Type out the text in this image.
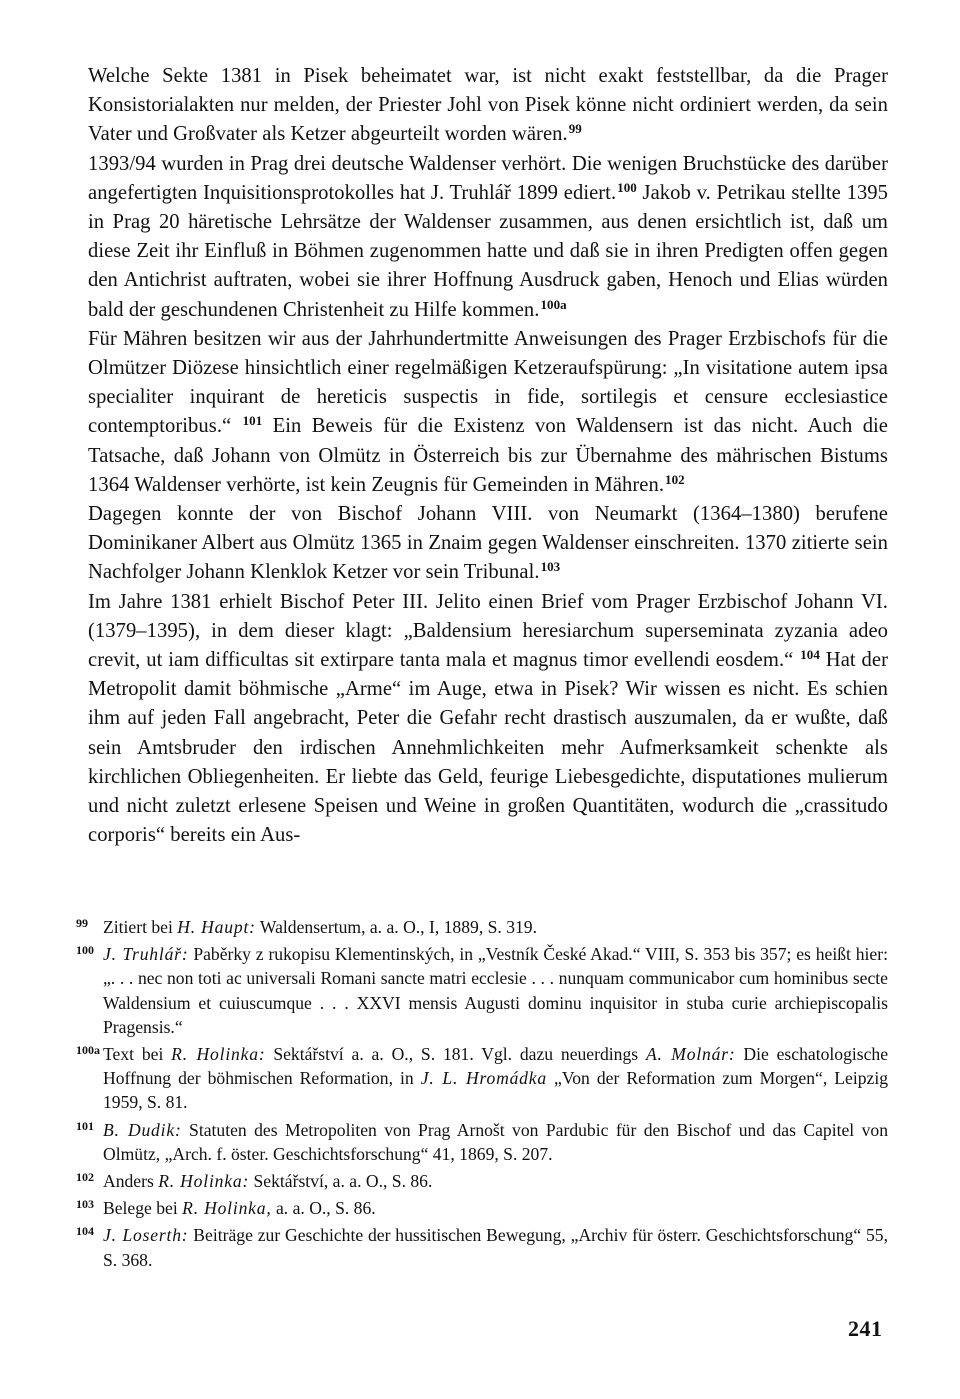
Welche Sekte 1381 in Pisek beheimatet war, ist nicht exakt feststellbar, da die Prager Konsistorialakten nur melden, der Priester Johl von Pisek könne nicht ordiniert werden, da sein Vater und Großvater als Ketzer abgeurteilt worden wären.$^{99}$

1393/94 wurden in Prag drei deutsche Waldenser verhört. Die wenigen Bruchstücke des darüber angefertigten Inquisitionsprotokolles hat J. Truhlář 1899 ediert.$^{100}$ Jakob v. Petrikau stellte 1395 in Prag 20 häretische Lehrsätze der Waldenser zusammen, aus denen ersichtlich ist, daß um diese Zeit ihr Einfluß in Böhmen zugenommen hatte und daß sie in ihren Predigten offen gegen den Antichrist auftraten, wobei sie ihrer Hoffnung Ausdruck gaben, Henoch und Elias würden bald der geschundenen Christenheit zu Hilfe kommen.$^{100a}$

Für Mähren besitzen wir aus der Jahrhundertmitte Anweisungen des Prager Erzbischofs für die Olmützer Diözese hinsichtlich einer regelmäßigen Ketzeraufspürung: „In visitatione autem ipsa specialiter inquirant de hereticis suspectis in fide, sortilegis et censure ecclesiastice contemptoribus.“ $^{101}$ Ein Beweis für die Existenz von Waldensern ist das nicht. Auch die Tatsache, daß Johann von Olmütz in Österreich bis zur Übernahme des mährischen Bistums 1364 Waldenser verhörte, ist kein Zeugnis für Gemeinden in Mähren.$^{102}$

Dagegen konnte der von Bischof Johann VIII. von Neumarkt (1364–1380) berufene Dominikaner Albert aus Olmütz 1365 in Znaim gegen Waldenser einschreiten. 1370 zitierte sein Nachfolger Johann Klenklok Ketzer vor sein Tribunal.$^{103}$

Im Jahre 1381 erhielt Bischof Peter III. Jelito einen Brief vom Prager Erzbischof Johann VI. (1379–1395), in dem dieser klagt: „Baldensium heresiarchum superseminata zyzania adeo crevit, ut iam difficultas sit extirpare tanta mala et magnus timor evellendi eosdem.“ $^{104}$ Hat der Metropolit damit böhmische „Arme“ im Auge, etwa in Pisek? Wir wissen es nicht. Es schien ihm auf jeden Fall angebracht, Peter die Gefahr recht drastisch auszumalen, da er wußte, daß sein Amtsbruder den irdischen Annehmlichkeiten mehr Aufmerksamkeit schenkte als kirchlichen Obliegenheiten. Er liebte das Geld, feurige Liebesgedichte, disputationes mulierum und nicht zuletzt erlesene Speisen und Weine in großen Quantitäten, wodurch die „crassitudo corporis“ bereits ein Aus-

99 Zitiert bei H. Haupt: Waldensertum, a. a. O., I, 1889, S. 319.
100 J. Truhlář: Paběrky z rukopisu Klementinských, in „Vestník České Akad.“ VIII, S. 353 bis 357; es heißt hier: „. . . nec non toti ac universali Romani sancte matri ecclesie . . . nunquam communicabor cum hominibus secte Waldensium et cuiuscumque . . . XXVI mensis Augusti dominu inquisitor in stuba curie archiepiscopalis Pragensis.“
100a Text bei R. Holinka: Sektářství a. a. O., S. 181. Vgl. dazu neuerdings A. Molnár: Die eschatologische Hoffnung der böhmischen Reformation, in J. L. Hromádka „Von der Reformation zum Morgen“, Leipzig 1959, S. 81.
101 B. Dudik: Statuten des Metropoliten von Prag Arnošt von Pardubic für den Bischof und das Capitel von Olmütz, „Arch. f. öster. Geschichtsforschung“ 41, 1869, S. 207.
102 Anders R. Holinka: Sektářství, a. a. O., S. 86.
103 Belege bei R. Holinka, a. a. O., S. 86.
104 J. Loserth: Beiträge zur Geschichte der hussitischen Bewegung, „Archiv für österr. Geschichtsforschung“ 55, S. 368.
241
